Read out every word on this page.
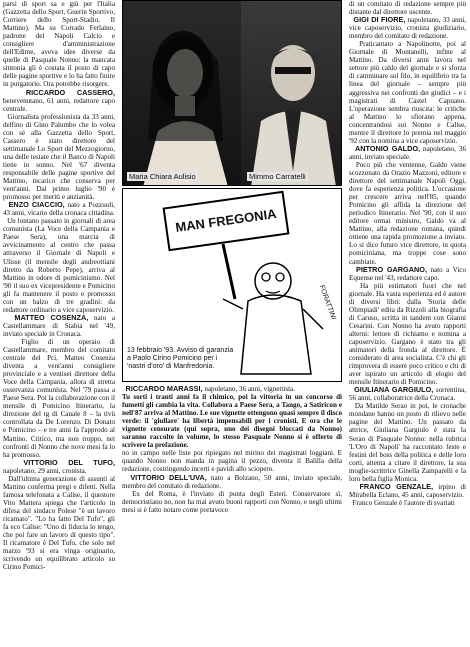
parsi di sport sa e giù per l'Italia (Gazzetta dello Sport, Guerin Sportivo, Corriere dello Sport-Stadio, Il Mattino). Ma su Corrado Ferlaino, padrone del Napoli Calcio e consigliere d'amministrazione dell'Edime, aveva idee diverse da quelle di Pasquale Nonno: la mancata sintonia gli è costata il posto di capo delle pagine sportive e lo ha fatto finire in purgatorio. Ora potrebbe risorgere.

RICCARDO CASSERO, benevenutano, 61 anni, redattore capo centrale.

Giornalista professionista da 33 anni, delfino di Gino Palumbo che lo volea con sé alla Gazzetta dello Sport, Cassero è stato direttore del settimanale Lo Sport del Mezzogiorno, una delle testate che il Banco di Napoli tiene in sonno. Nel '67 diventa responsabile delle pagine sportive del Mattino, incarico che conserva per vent'anni. Dal primo luglio '90 è promosso per meriti e anzianità.

ENZO CIACCIO, nato a Pozzuoli, 43 anni, vicario della cronaca cittadina.

Un lontano passato in giornali di area comunista (La Voce della Campania e Paese Sera), una marcia di avvicinamento al centro che passa attraverso il Giornale di Napoli e Ulisse (il mensile degli andreottiani diretto da Roberto Pepe), arriva al Mattino in odore di pomicinismo. Nel '90 il suo ex vicepresidente e Pomicino gli fa mantenere il posto e promosso con un balzo di tre gradini: da redattore ordinario a vice caposervizio.

MATTEO COSENZA, nato a Castellammare di Stabia nel '49, inviato speciale in Cronaca.

Figlio di un operaio di Castellammare, membro del comitato centrale del Pci, Matteo Cosenza diventa a vent'anni consigliere provinciale e a ventisei direttore della Voce della Campania, allora di stretta osservanza comunista. Nel '79 passa a Paese Sera. Poi la collaborazione con il mensile di Pomicino Itinerario, la direzione del tg di Canale 8 – la tivù controllata da De Lorenzo. Di Donato e Pomicino – e tre anni fa l'approdo al Mattino. Critico, ma non troppo, nei confronti di Nonno che nove mesi fa lo ha promosso.

VITTORIO DEL TUFO, napoletano, 29 anni, cronista.

Dall'ultima generazione di assunti al Mattino conferma pregi e difetti. Nella famosa telefonata a Calise, il questore Vito Mattera spiega che l'articolo in difesa del sindaco Polese "è un lavoro ricamato". "Lo ha fatto Del Tufo", gli fa eco Calise: "Uno di fiducia lo tengo, che poi fare un lavoro di questo tipo". Il ricamatore è Del Tufo, che solo nel marzo '93 si era vinga originario, scrivendo un equilibrato articolo su Cirino Pomici-

Maria Chiara Aulisio	Mimmo Carratelli
MAN FREGONIA
FORATTINI
13 febbraio '93. Avviso di garanzia a Paolo Cirino Pomicino per i 'nastri d'oro' di Manfredonia.

RICCARDO MARASSI, napoletano, 36 anni, vignettista.

Tu sorti i tranti anni fa il chimico, poi la vittoria in un concorso di fumetti gli cambia la vita. Collabora a Paese Sera, a Tango, a Satiricon e nell'87 arriva al Mattino. Le sue vignette ottengono quasi sempre il disco verde: il 'giullare' ha libertà impensabili per i cronisti. E ora che le vignette censurate (qui sopra, uno dei disegni bloccati da Nonno) saranno raccolte in volume, lo stesso Pasquale Nonno si è offerto di scrivere la prefazione.

no in campo nelle liste poi ripiegato nel mirino dei magistrati loggiani. E quando Nonno non manda in pagina il pezzo, diventa il Balilla della redazione, costringendo incerti e pavidi allo sciopero.

VITTORIO DELL'UVA, nato a Bolzano, 50 anni, inviato speciale, membro del comitato di redazione.

Ex del Roma, è l'inviato di punta degli Esteri. Conservatore sì, democristiano no, non ha mai avuto buoni rapporti con Nonno, e negli ultimi mesi si è fatto notare come portavoce

di un comitato di redazione sempre più distante dal direttore uscente.

GIGI DI FIORE, napoletano, 33 anni, vice caposervizio, cronista giudiziario, membro del comitato di redazione.

Praticantato a Napolinotte, poi al Giornale di Montanelli, infine al Mattino. Da diversi anni lavora nel settore più caldo del giornale e si sforza di camminare sul filo, in equilibrio tra la linea del giornale – sempre più aggressiva nei confronti dei giudici – e i magistrati di Castel Capuano. L'operazione sembra riuscita: le critiche al Mattino lo sfiorano appena, concentrandosi sui Nonno e Calise, mentre il direttore lo premia nel maggio '92 con la nomina a vice caposervizio.

ANTONIO GALDO, napoletano, 36 anni, inviato speciale.

Poco più che ventenne, Galdo viene scozzonato da Orazio Mazzoni, editore e direttore del settimanale Napoli Oggi, dove fa esperienza politica. L'occasione per crescere arriva nell'85, quando Pomicino gli affida la direzione del periodico Itinerario. Nel '90, con il suo editore ormai ministro, Galdo va al Mattino, alla redazione romana, quindi ottiene una rapida promozione a inviato. Lo si dice futuro vice direttore, in quota pomiciniana, ma troppe cose sono cambiate.

PIETRO GARGANO, nato a Vico Equense nel '43, redattore capo.

Ha più estimatori fuori che nel giornale. Ha vasta esperienza ed è autore di diversi libri: dalla 'Storia delle Olimpiadi' edita da Rizzoli alla biografia di Caruso, scritta in tandem con Gianni Cesarini. Con Nonno ha avuto rapporti alterni: lettore di richiamo e nomina a caposervizio. Gargano è stato tra gli animatori della fronda al direttore. È considerato di area socialista. C'è chi gli rimprovera di essere poco critico e chi di aver ispirato un articolo di elogio del mensile Itinerario di Pomicino.

GIULIANA GARGIULO, sorrentina, 56 anni, collaboratrice della Cronaca.

Da Matilde Serao in poi, le cronache mondane hanno un posto di rilievo nelle pagine del Mattino. Un passato da attrice, Giuliana Gargiulo è stata la Serao di Pasquale Nonno: nella rubrica 'L'Oro di Napoli' ha raccontato feste e festini del boss della politica e delle loro corti, attenta a citare il direttore, la sua moglie-scrittrice Ginella Zamparelli e la loro bella figlia Monica.

FRANCO GENZALE, irpino di Mirabella Eclano, 45 anni, caposervizio.

Franco Genzale è l'autore di svariati
